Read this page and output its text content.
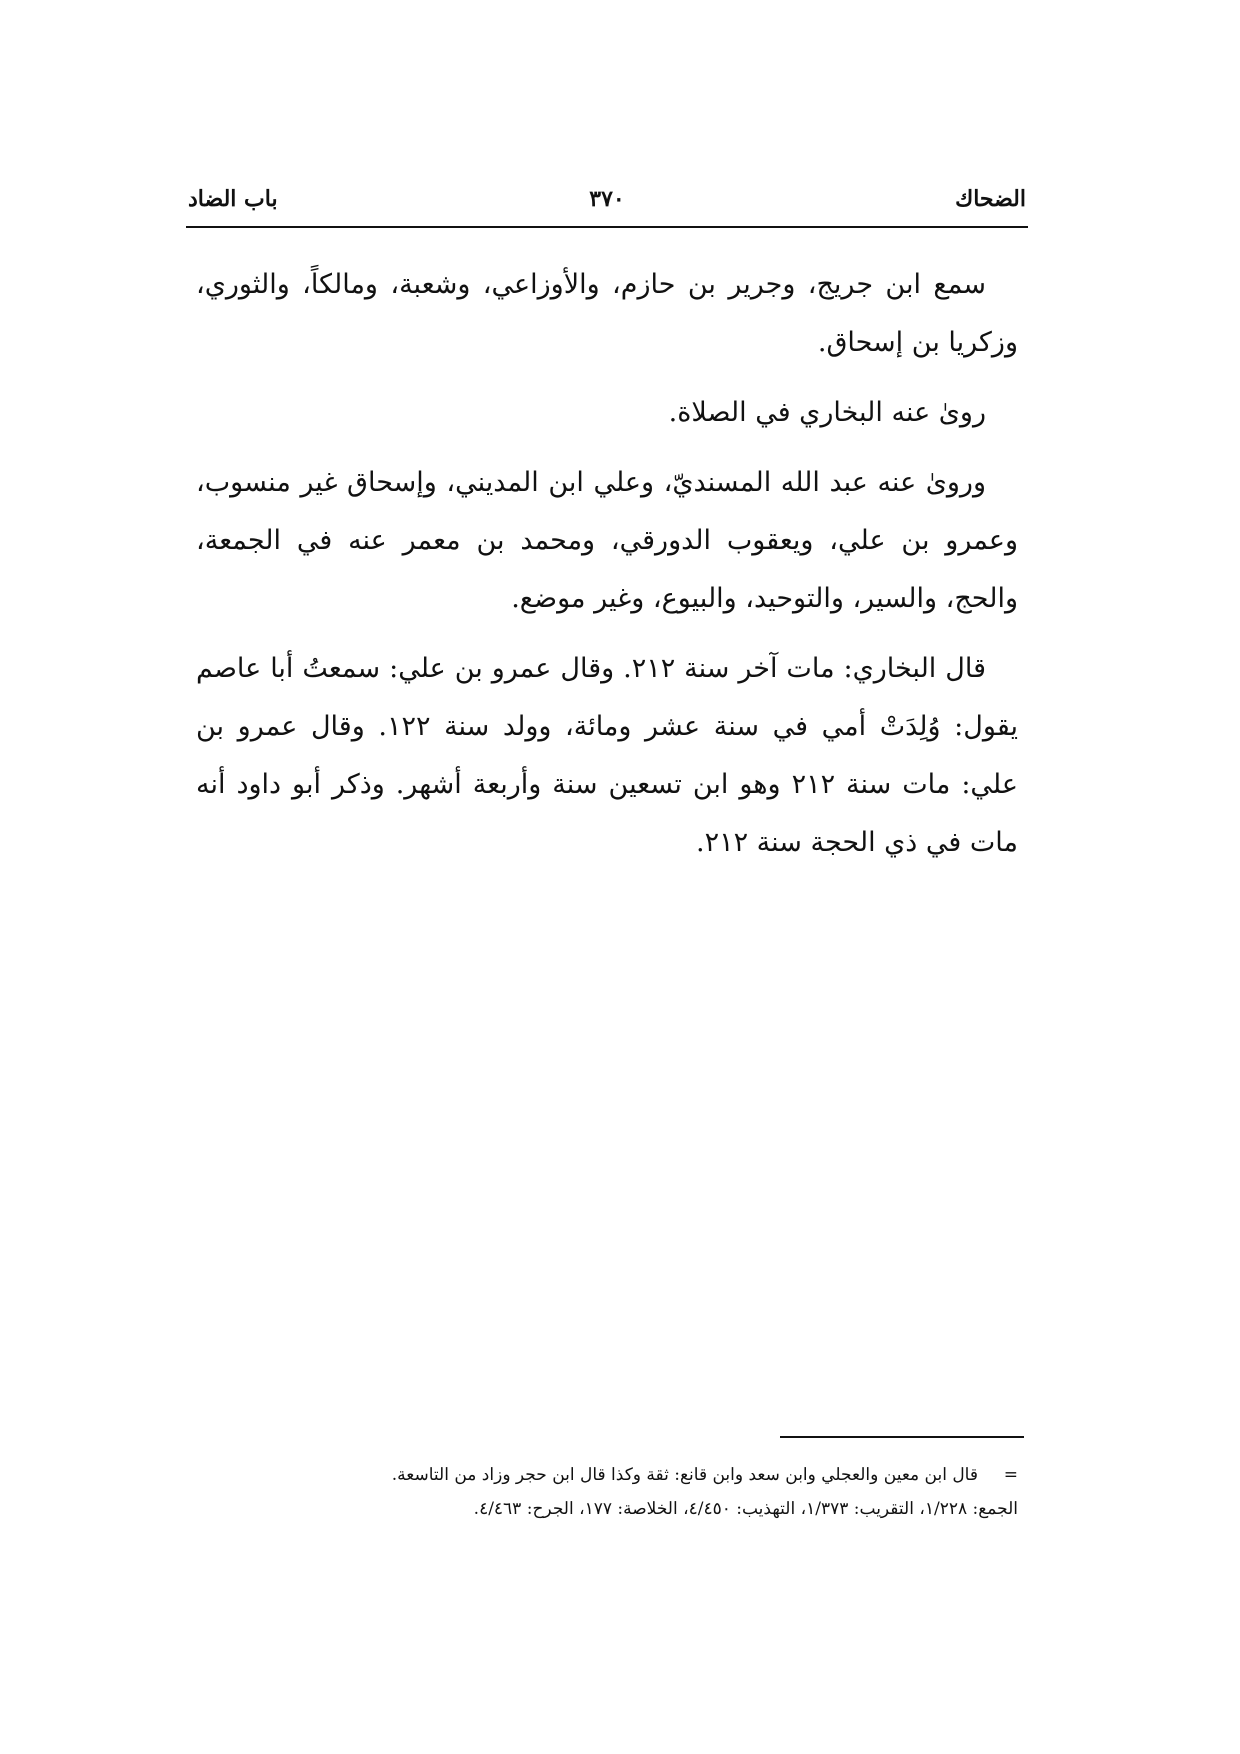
الضحاك
٣٧٠
باب الضاد

سمع ابن جريج، وجرير بن حازم، والأوزاعي، وشعبة، ومالكاً، والثوري، وزكريا بن إسحاق.

روىٰ عنه البخاري في الصلاة.

وروىٰ عنه عبد الله المسنديّ، وعلي ابن المديني، وإسحاق غير منسوب، وعمرو بن علي، ويعقوب الدورقي، ومحمد بن معمر عنه في الجمعة، والحج، والسير، والتوحيد، والبيوع، وغير موضع.

قال البخاري: مات آخر سنة ٢١٢. وقال عمرو بن علي: سمعتُ أبا عاصم يقول: وُلِدَتْ أمي في سنة عشر ومائة، وولد سنة ١٢٢. وقال عمرو بن علي: مات سنة ٢١٢ وهو ابن تسعين سنة وأربعة أشهر. وذكر أبو داود أنه مات في ذي الحجة سنة ٢١٢.

=قال ابن معين والعجلي وابن سعد وابن قانع: ثقة وكذا قال ابن حجر وزاد من التاسعة.

الجمع: ١/٢٢٨، التقريب: ١/٣٧٣، التهذيب: ٤/٤٥٠، الخلاصة: ١٧٧، الجرح: ٤/٤٦٣.
